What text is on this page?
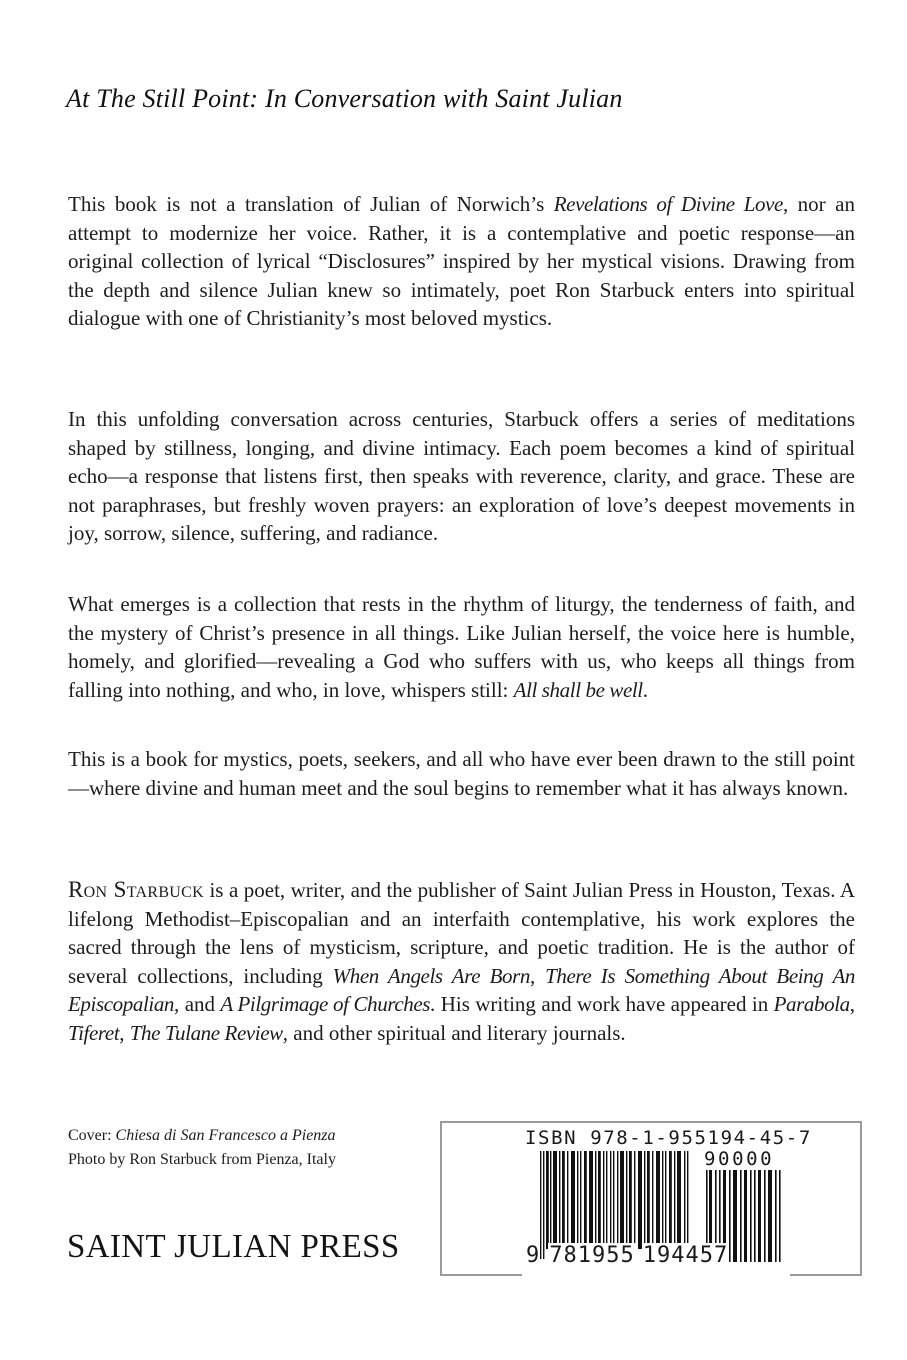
At The Still Point: In Conversation with Saint Julian

This book is not a translation of Julian of Norwich’s Revelations of Divine Love, nor an attempt to modernize her voice. Rather, it is a contemplative and poetic response—an original collection of lyrical “Disclosures” inspired by her mystical visions. Drawing from the depth and silence Julian knew so intimately, poet Ron Starbuck enters into spiritual dialogue with one of Christianity’s most beloved mystics.

In this unfolding conversation across centuries, Starbuck offers a series of meditations shaped by stillness, longing, and divine intimacy. Each poem becomes a kind of spiritual echo—a response that listens first, then speaks with reverence, clarity, and grace. These are not paraphrases, but freshly woven prayers: an exploration of love’s deepest movements in joy, sorrow, silence, suffering, and radiance.

What emerges is a collection that rests in the rhythm of liturgy, the tenderness of faith, and the mystery of Christ’s presence in all things. Like Julian herself, the voice here is humble, homely, and glorified—revealing a God who suffers with us, who keeps all things from falling into nothing, and who, in love, whispers still: All shall be well.

This is a book for mystics, poets, seekers, and all who have ever been drawn to the still point—where divine and human meet and the soul begins to remember what it has always known.

Ron Starbuck is a poet, writer, and the publisher of Saint Julian Press in Houston, Texas. A lifelong Methodist–Episcopalian and an interfaith contemplative, his work explores the sacred through the lens of mysticism, scripture, and poetic tradition. He is the author of several collections, including When Angels Are Born, There Is Something About Being An Episcopalian, and A Pilgrimage of Churches. His writing and work have appeared in Parabola, Tiferet, The Tulane Review, and other spiritual and literary journals.

Cover: Chiesa di San Francesco a Pienza
Photo by Ron Starbuck from Pienza, Italy
SAINT JULIAN PRESS
ISBN 978-1-955194-45-7
90000
9 781955 194457
